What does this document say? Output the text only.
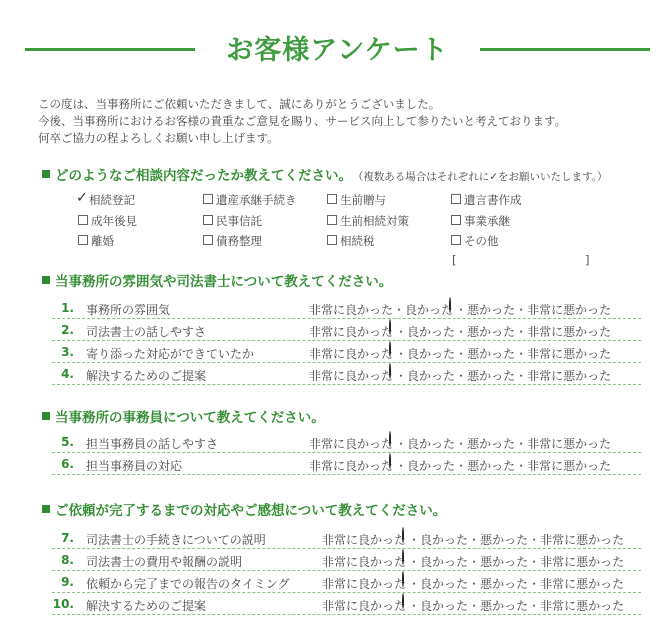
お客様アンケート
この度は、当事務所にご依頼いただきまして、誠にありがとうございました。
今後、当事務所におけるお客様の貴重なご意見を賜り、サービス向上して参りたいと考えております。
何卒ご協力の程よろしくお願い申し上げます。
どのようなご相談内容だったか教えてください。 （複数ある場合はそれぞれに✓をお願いいたします。）
✓ 相続登記	遺産承継手続き	生前贈与	遺言書作成
成年後見	民事信託	生前相続対策	事業承継
離婚	債務整理	相続税	その他
[	]
当事務所の雰囲気や司法書士について教えてください。
1. 事務所の雰囲気	非常に良かった・良かった ・悪かった・非常に悪かった
2. 司法書士の話しやすさ	非常に良かった ・良かった・悪かった・非常に悪かった
3. 寄り添った対応ができていたか	非常に良かった ・良かった・悪かった・非常に悪かった
4. 解決するためのご提案	非常に良かった ・良かった・悪かった・非常に悪かった
当事務所の事務員について教えてください。
5. 担当事務員の話しやすさ	非常に良かった ・良かった・悪かった・非常に悪かった
6. 担当事務員の対応	非常に良かった ・良かった・悪かった・非常に悪かった
ご依頼が完了するまでの対応やご感想について教えてください。
7. 司法書士の手続きについての説明	非常に良かった ・良かった・悪かった・非常に悪かった
8. 司法書士の費用や報酬の説明	非常に良かった ・良かった・悪かった・非常に悪かった
9. 依頼から完了までの報告のタイミング	非常に良かった ・良かった・悪かった・非常に悪かった
10. 解決するためのご提案	非常に良かった ・良かった・悪かった・非常に悪かった
